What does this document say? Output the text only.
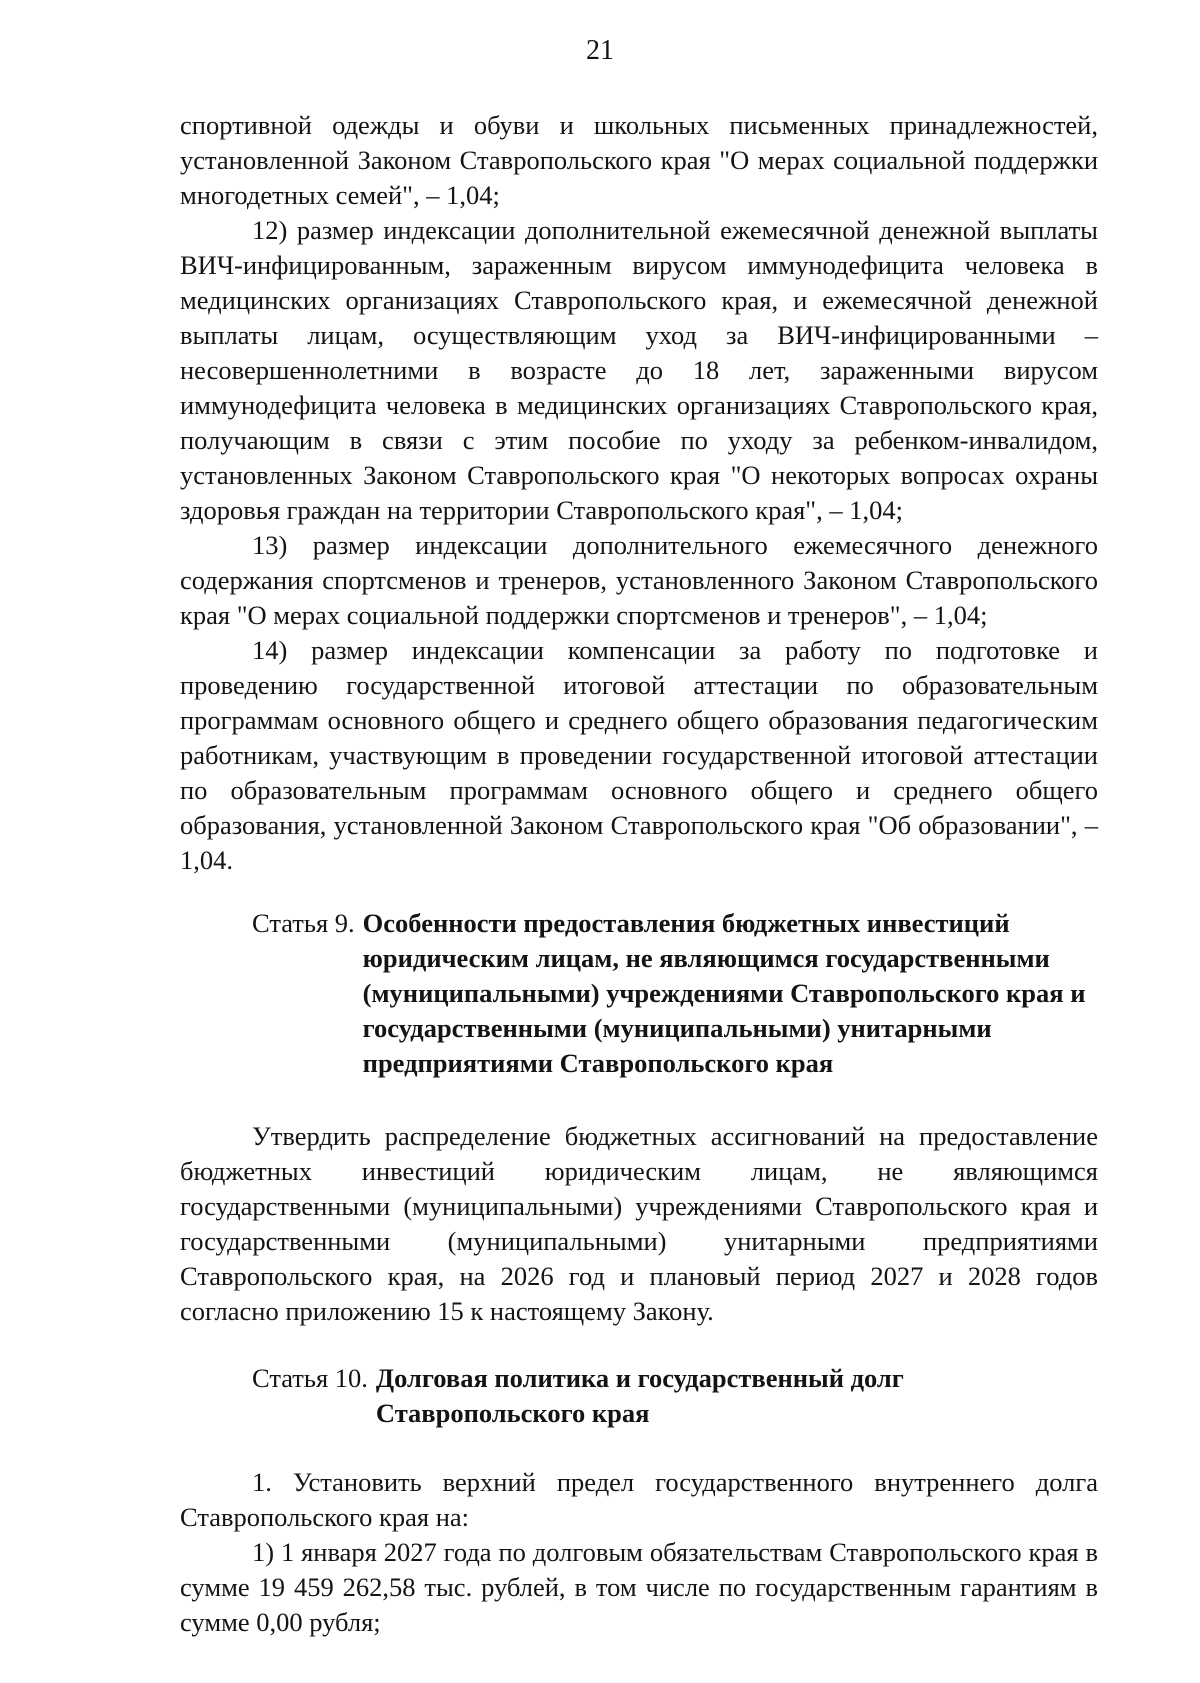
21

спортивной одежды и обуви и школьных письменных принадлежностей, установленной Законом Ставропольского края "О мерах социальной поддержки многодетных семей", – 1,04;

12) размер индексации дополнительной ежемесячной денежной выплаты ВИЧ-инфицированным, зараженным вирусом иммунодефицита человека в медицинских организациях Ставропольского края, и ежемесячной денежной выплаты лицам, осуществляющим уход за ВИЧ-инфицированными – несовершеннолетними в возрасте до 18 лет, зараженными вирусом иммунодефицита человека в медицинских организациях Ставропольского края, получающим в связи с этим пособие по уходу за ребенком-инвалидом, установленных Законом Ставропольского края "О некоторых вопросах охраны здоровья граждан на территории Ставропольского края", – 1,04;

13) размер индексации дополнительного ежемесячного денежного содержания спортсменов и тренеров, установленного Законом Ставропольского края "О мерах социальной поддержки спортсменов и тренеров", – 1,04;

14) размер индексации компенсации за работу по подготовке и проведению государственной итоговой аттестации по образовательным программам основного общего и среднего общего образования педагогическим работникам, участвующим в проведении государственной итоговой аттестации по образовательным программам основного общего и среднего общего образования, установленной Законом Ставропольского края "Об образовании", – 1,04.

Статья 9. Особенности предоставления бюджетных инвестиций юридическим лицам, не являющимся государственными (муниципальными) учреждениями Ставропольского края и государственными (муниципальными) унитарными предприятиями Ставропольского края

Утвердить распределение бюджетных ассигнований на предоставление бюджетных инвестиций юридическим лицам, не являющимся государственными (муниципальными) учреждениями Ставропольского края и государственными (муниципальными) унитарными предприятиями Ставропольского края, на 2026 год и плановый период 2027 и 2028 годов согласно приложению 15 к настоящему Закону.

Статья 10. Долговая политика и государственный долг Ставропольского края

1. Установить верхний предел государственного внутреннего долга Ставропольского края на:

1) 1 января 2027 года по долговым обязательствам Ставропольского края в сумме 19 459 262,58 тыс. рублей, в том числе по государственным гарантиям в сумме 0,00 рубля;
